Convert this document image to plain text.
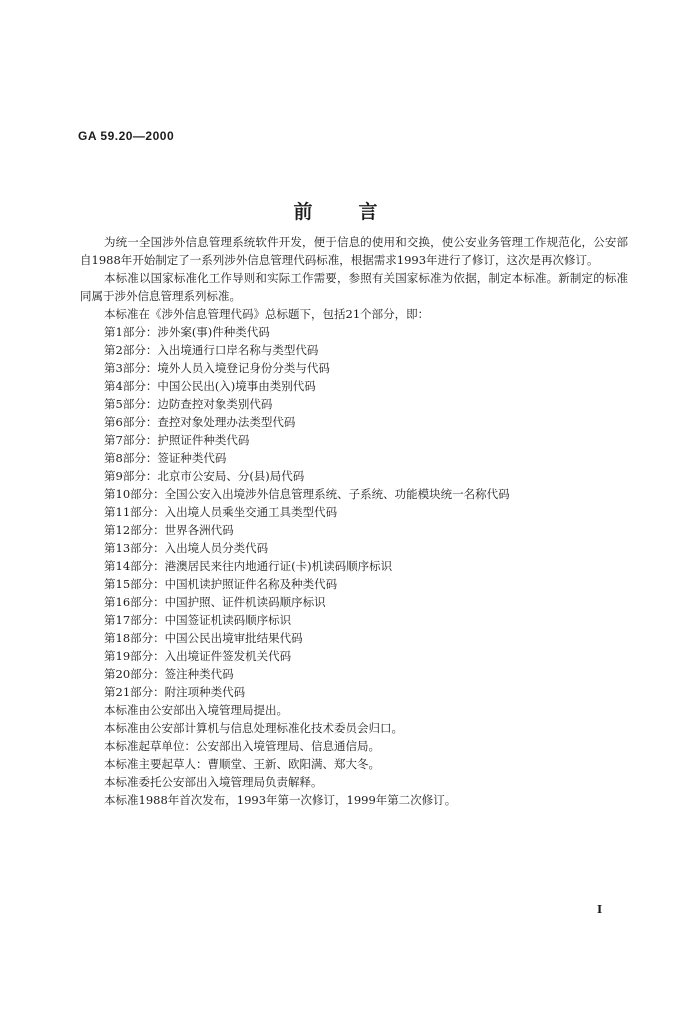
GA 59.20—2000
前 言

为统一全国涉外信息管理系统软件开发，便于信息的使用和交换，使公安业务管理工作规范化，公安部自1988年开始制定了一系列涉外信息管理代码标准，根据需求1993年进行了修订，这次是再次修订。

本标准以国家标准化工作导则和实际工作需要，参照有关国家标准为依据，制定本标准。新制定的标准同属于涉外信息管理系列标准。

本标准在《涉外信息管理代码》总标题下，包括21个部分，即：

第1部分：涉外案(事)件种类代码

第2部分：入出境通行口岸名称与类型代码

第3部分：境外人员入境登记身份分类与代码

第4部分：中国公民出(入)境事由类别代码

第5部分：边防查控对象类别代码

第6部分：查控对象处理办法类型代码

第7部分：护照证件种类代码

第8部分：签证种类代码

第9部分：北京市公安局、分(县)局代码

第10部分：全国公安入出境涉外信息管理系统、子系统、功能模块统一名称代码

第11部分：入出境人员乘坐交通工具类型代码

第12部分：世界各洲代码

第13部分：入出境人员分类代码

第14部分：港澳居民来往内地通行证(卡)机读码顺序标识

第15部分：中国机读护照证件名称及种类代码

第16部分：中国护照、证件机读码顺序标识

第17部分：中国签证机读码顺序标识

第18部分：中国公民出境审批结果代码

第19部分：入出境证件签发机关代码

第20部分：签注种类代码

第21部分：附注项种类代码

本标准由公安部出入境管理局提出。

本标准由公安部计算机与信息处理标准化技术委员会归口。

本标准起草单位：公安部出入境管理局、信息通信局。

本标准主要起草人：曹顺堂、王新、欧阳满、郑大冬。

本标准委托公安部出入境管理局负责解释。

本标准1988年首次发布，1993年第一次修订，1999年第二次修订。

I
